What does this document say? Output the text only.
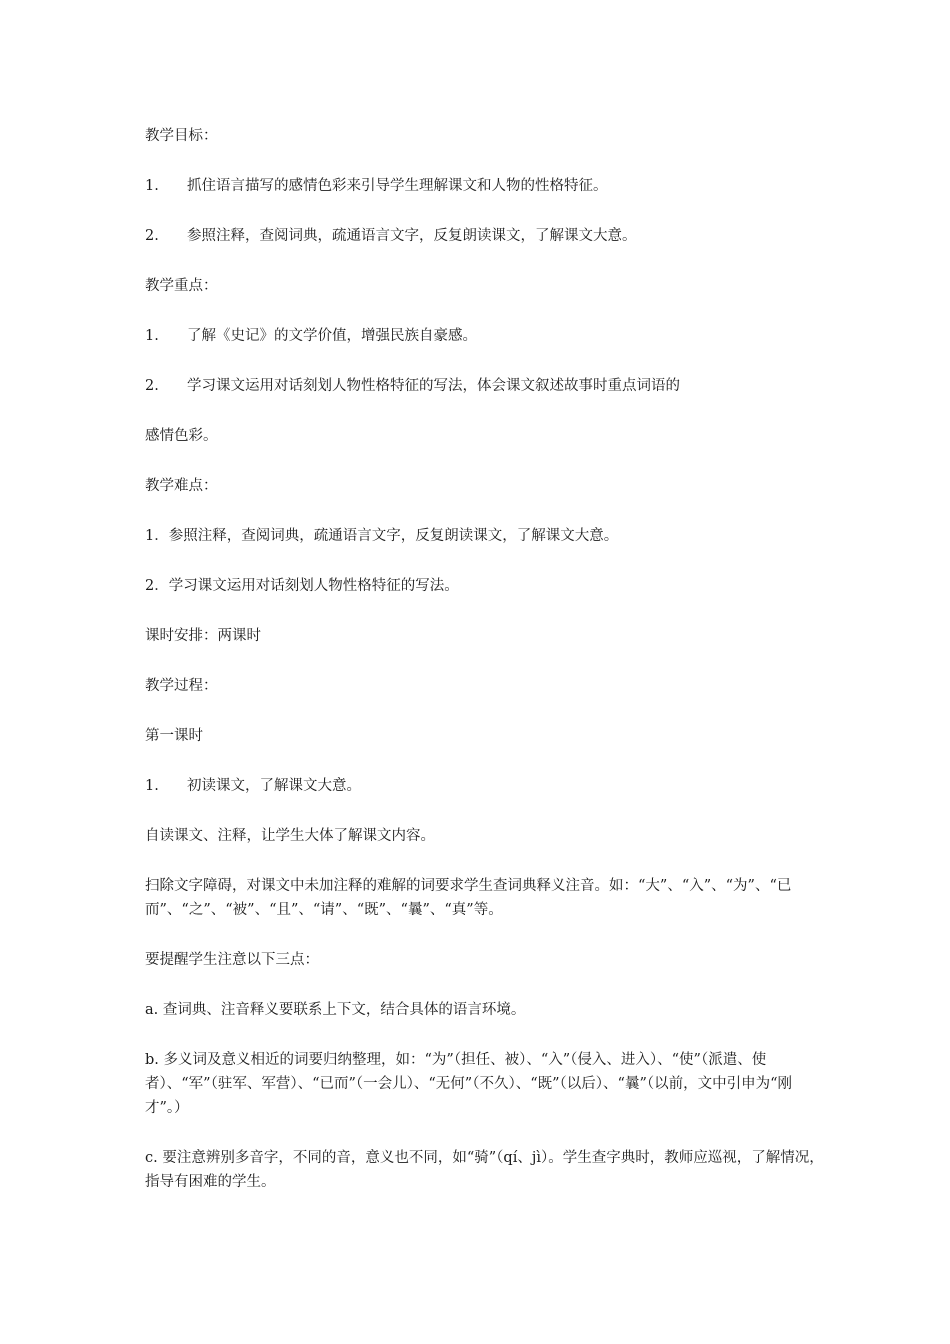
教学目标：

1. 抓住语言描写的感情色彩来引导学生理解课文和人物的性格特征。

2. 参照注释，查阅词典，疏通语言文字，反复朗读课文，了解课文大意。

教学重点：

1. 了解《史记》的文学价值，增强民族自豪感。

2. 学习课文运用对话刻划人物性格特征的写法，体会课文叙述故事时重点词语的

感情色彩。

教学难点：

1．参照注释，查阅词典，疏通语言文字，反复朗读课文，了解课文大意。

2．学习课文运用对话刻划人物性格特征的写法。

课时安排：两课时

教学过程：

第一课时

1. 初读课文，了解课文大意。

自读课文、注释，让学生大体了解课文内容。

扫除文字障碍，对课文中未加注释的难解的词要求学生查词典释义注音。如：“大”、“入”、“为”、“已而”、“之”、“被”、“且”、“请”、“既”、“曩”、“真”等。

要提醒学生注意以下三点：

a. 查词典、注音释义要联系上下文，结合具体的语言环境。

b. 多义词及意义相近的词要归纳整理，如：“为”（担任、被）、“入”（侵入、进入）、“使”（派遣、使者）、“军”（驻军、军营）、“已而”（一会儿）、“无何”（不久）、“既”（以后）、“曩”（以前，文中引申为“刚才”。）

c. 要注意辨别多音字，不同的音，意义也不同，如“骑”（qí、jì）。学生查字典时，教师应巡视，了解情况，指导有困难的学生。
